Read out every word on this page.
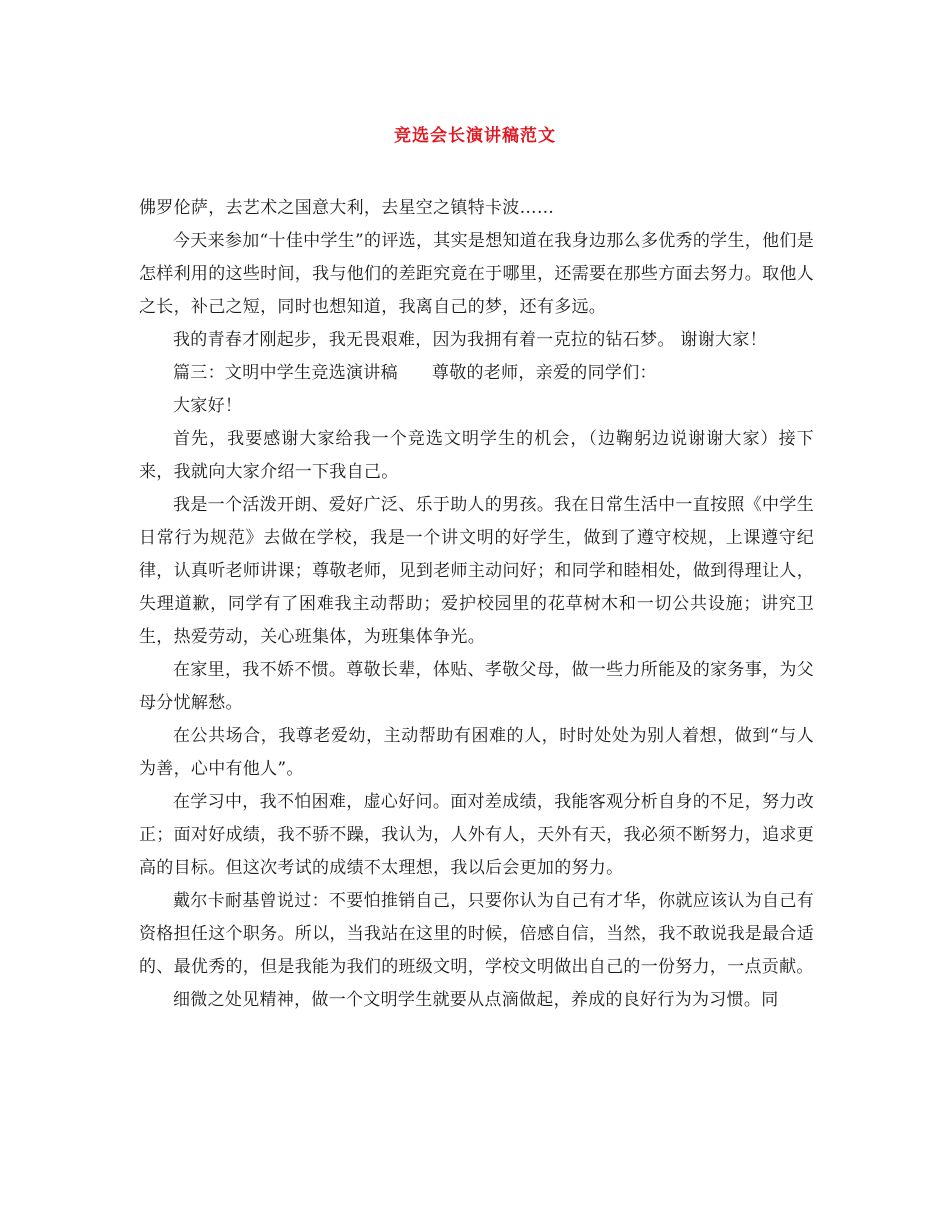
竞选会长演讲稿范文

佛罗伦萨，去艺术之国意大利，去星空之镇特卡波……

今天来参加“十佳中学生”的评选，其实是想知道在我身边那么多优秀的学生，他们是怎样利用的这些时间，我与他们的差距究竟在于哪里，还需要在那些方面去努力。取他人之长，补己之短，同时也想知道，我离自己的梦，还有多远。

我的青春才刚起步，我无畏艰难，因为我拥有着一克拉的钻石梦。 谢谢大家！

篇三：文明中学生竞选演讲稿 尊敬的老师，亲爱的同学们：

大家好！

首先，我要感谢大家给我一个竞选文明学生的机会，（边鞠躬边说谢谢大家）接下来，我就向大家介绍一下我自己。

我是一个活泼开朗、爱好广泛、乐于助人的男孩。我在日常生活中一直按照《中学生日常行为规范》去做在学校，我是一个讲文明的好学生，做到了遵守校规，上课遵守纪律，认真听老师讲课；尊敬老师，见到老师主动问好；和同学和睦相处，做到得理让人，失理道歉，同学有了困难我主动帮助；爱护校园里的花草树木和一切公共设施；讲究卫生，热爱劳动，关心班集体，为班集体争光。

在家里，我不娇不惯。尊敬长辈，体贴、孝敬父母，做一些力所能及的家务事，为父母分忧解愁。

在公共场合，我尊老爱幼，主动帮助有困难的人，时时处处为别人着想，做到“与人为善，心中有他人”。

在学习中，我不怕困难，虚心好问。面对差成绩，我能客观分析自身的不足，努力改正；面对好成绩，我不骄不躁，我认为，人外有人，天外有天，我必须不断努力，追求更高的目标。但这次考试的成绩不太理想，我以后会更加的努力。

戴尔卡耐基曾说过：不要怕推销自己，只要你认为自己有才华，你就应该认为自己有资格担任这个职务。所以，当我站在这里的时候，倍感自信，当然，我不敢说我是最合适的、最优秀的，但是我能为我们的班级文明，学校文明做出自己的一份努力，一点贡献。

细微之处见精神，做一个文明学生就要从点滴做起，养成的良好行为为习惯。同
